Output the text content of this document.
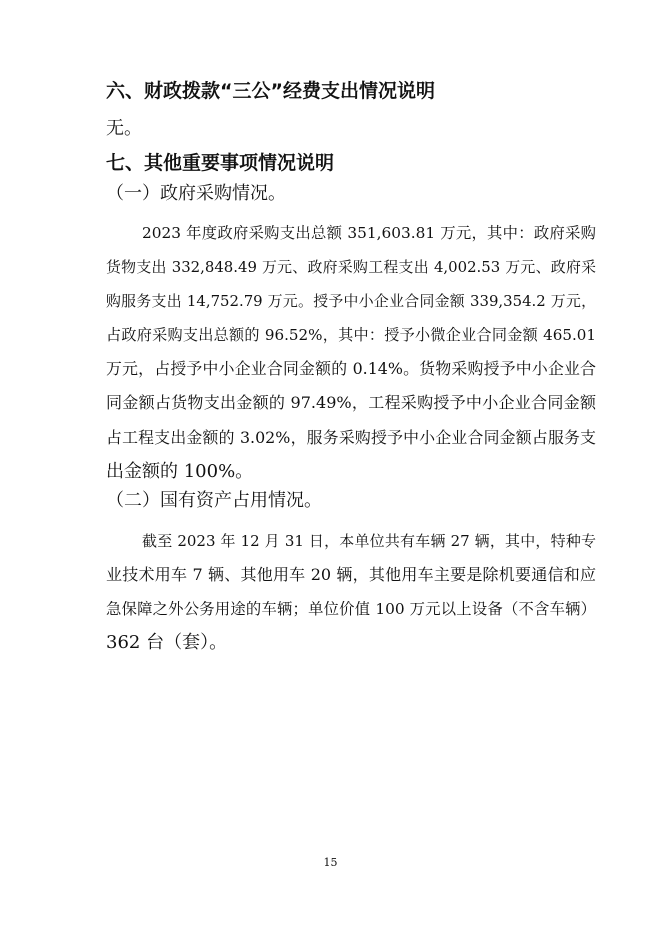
六、财政拨款“三公”经费支出情况说明
无。
七、其他重要事项情况说明
（一）政府采购情况。
2023 年度政府采购支出总额 351,603.81 万元，其中：政府采购
货物支出 332,848.49 万元、政府采购工程支出 4,002.53 万元、政府采
购服务支出 14,752.79 万元。授予中小企业合同金额 339,354.2 万元，
占政府采购支出总额的 96.52%，其中：授予小微企业合同金额 465.01
万元，占授予中小企业合同金额的 0.14%。货物采购授予中小企业合
同金额占货物支出金额的 97.49%，工程采购授予中小企业合同金额
占工程支出金额的 3.02%，服务采购授予中小企业合同金额占服务支
出金额的 100%。
（二）国有资产占用情况。
截至 2023 年 12 月 31 日，本单位共有车辆 27 辆，其中，特种专
业技术用车 7 辆、其他用车 20 辆，其他用车主要是除机要通信和应
急保障之外公务用途的车辆；单位价值 100 万元以上设备（不含车辆）
362 台（套）。
15
